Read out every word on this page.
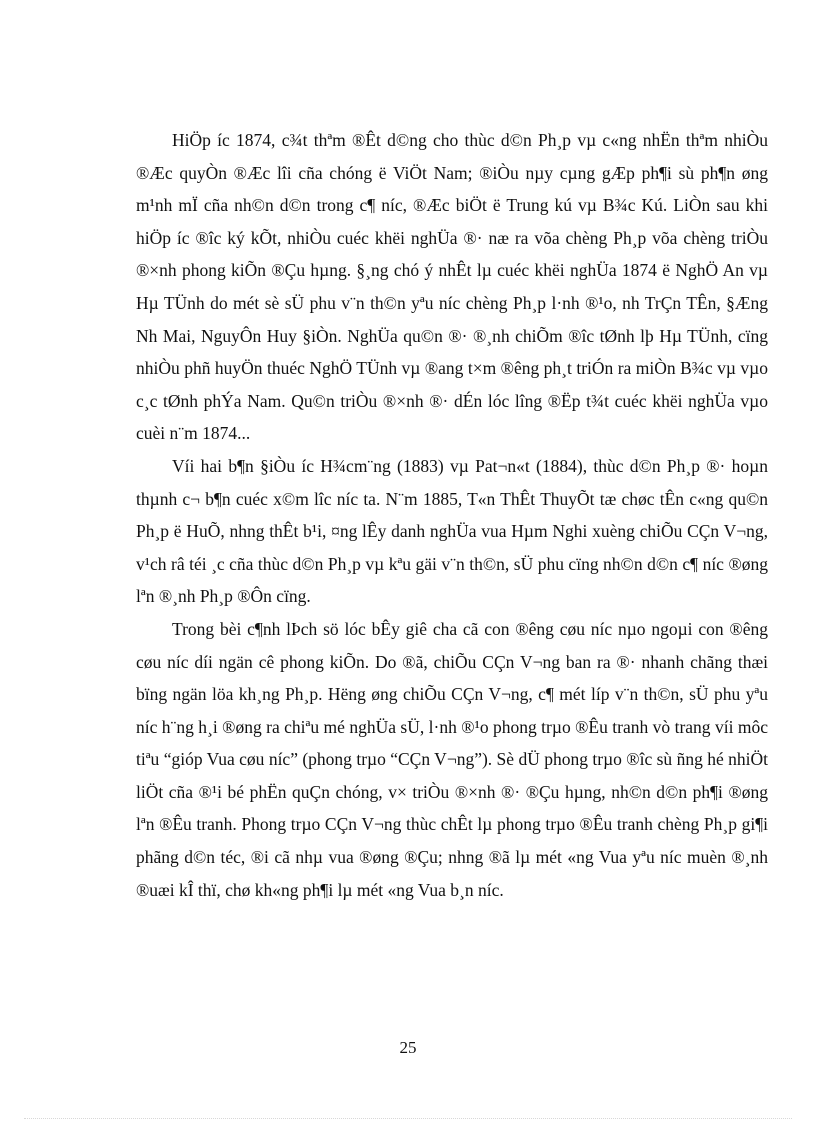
HiÖp íc 1874, c¾t thªm ®Êt d©ng cho thùc d©n Ph¸p vµ c«ng nhËn thªm nhiÒu ®Æc quyÒn ®Æc lîi cña chóng ë ViÖt Nam; ®iÒu nµy cµng gÆp ph¶i sù ph¶n øng m¹nh mÏ cña nh©n d©n trong c¶ níc, ®Æc biÖt ë Trung kú vµ B¾c Kú. LiÒn sau khi hiÖp íc ®îc ký kÕt, nhiÒu cuéc khëi nghÜa ®· næ ra võa chèng Ph¸p võa chèng triÒu ®×nh phong kiÕn ®Çu hµng. §¸ng chó ý nhÊt lµ cuéc khëi nghÜa 1874 ë NghÖ An vµ Hµ TÜnh do mét sè sÜ phu v¨n th©n yªu níc chèng Ph¸p l·nh ®¹o, nh TrÇn TÊn, §Æng Nh Mai, NguyÔn Huy §iÒn. NghÜa qu©n ®· ®¸nh chiÕm ®îc tØnh lþ Hµ TÜnh, cïng nhiÒu phñ huyÖn thuéc NghÖ TÜnh vµ ®ang t×m ®êng ph¸t triÓn ra miÒn B¾c vµ vµo c¸c tØnh phÝa Nam. Qu©n triÒu ®×nh ®· dÉn lóc lîng ®Ëp t¾t cuéc khëi nghÜa vµo cuèi n¨m 1874...

Víi hai b¶n §iÒu íc H¾cm¨ng (1883) vµ Pat¬n«t (1884), thùc d©n Ph¸p ®· hoµn thµnh c¬ b¶n cuéc x©m lîc níc ta. N¨m 1885, T«n ThÊt ThuyÕt tæ chøc tÊn c«ng qu©n Ph¸p ë HuÕ, nhng thÊt b¹i, ¤ng lÊy danh nghÜa vua Hµm Nghi xuèng chiÕu CÇn V¬ng, v¹ch râ téi ¸c cña thùc d©n Ph¸p vµ kªu gäi v¨n th©n, sÜ phu cïng nh©n d©n c¶ níc ®øng lªn ®¸nh Ph¸p ®Ôn cïng.

Trong bèi c¶nh lÞch sö lóc bÊy giê cha cã con ®êng cøu níc nµo ngoµi con ®êng cøu níc díi ngän cê phong kiÕn. Do ®ã, chiÕu CÇn V¬ng ban ra ®· nhanh chãng thæi bïng ngän löa kh¸ng Ph¸p. Hëng øng chiÕu CÇn V¬ng, c¶ mét líp v¨n th©n, sÜ phu yªu níc h¨ng h¸i ®øng ra chiªu mé nghÜa sÜ, l·nh ®¹o phong trµo ®Êu tranh vò trang víi môc tiªu “gióp Vua cøu níc” (phong trµo “CÇn V¬ng”). Sè dÜ phong trµo ®îc sù ñng hé nhiÖt liÖt cña ®¹i bé phËn quÇn chóng, v× triÒu ®×nh ®· ®Çu hµng, nh©n d©n ph¶i ®øng lªn ®Êu tranh. Phong trµo CÇn V¬ng thùc chÊt lµ phong trµo ®Êu tranh chèng Ph¸p gi¶i phãng d©n téc, ®i cã nhµ vua ®øng ®Çu; nhng ®ã lµ mét «ng Vua yªu níc muèn ®¸nh ®uæi kÎ thï, chø kh«ng ph¶i lµ mét «ng Vua b¸n níc.

25
